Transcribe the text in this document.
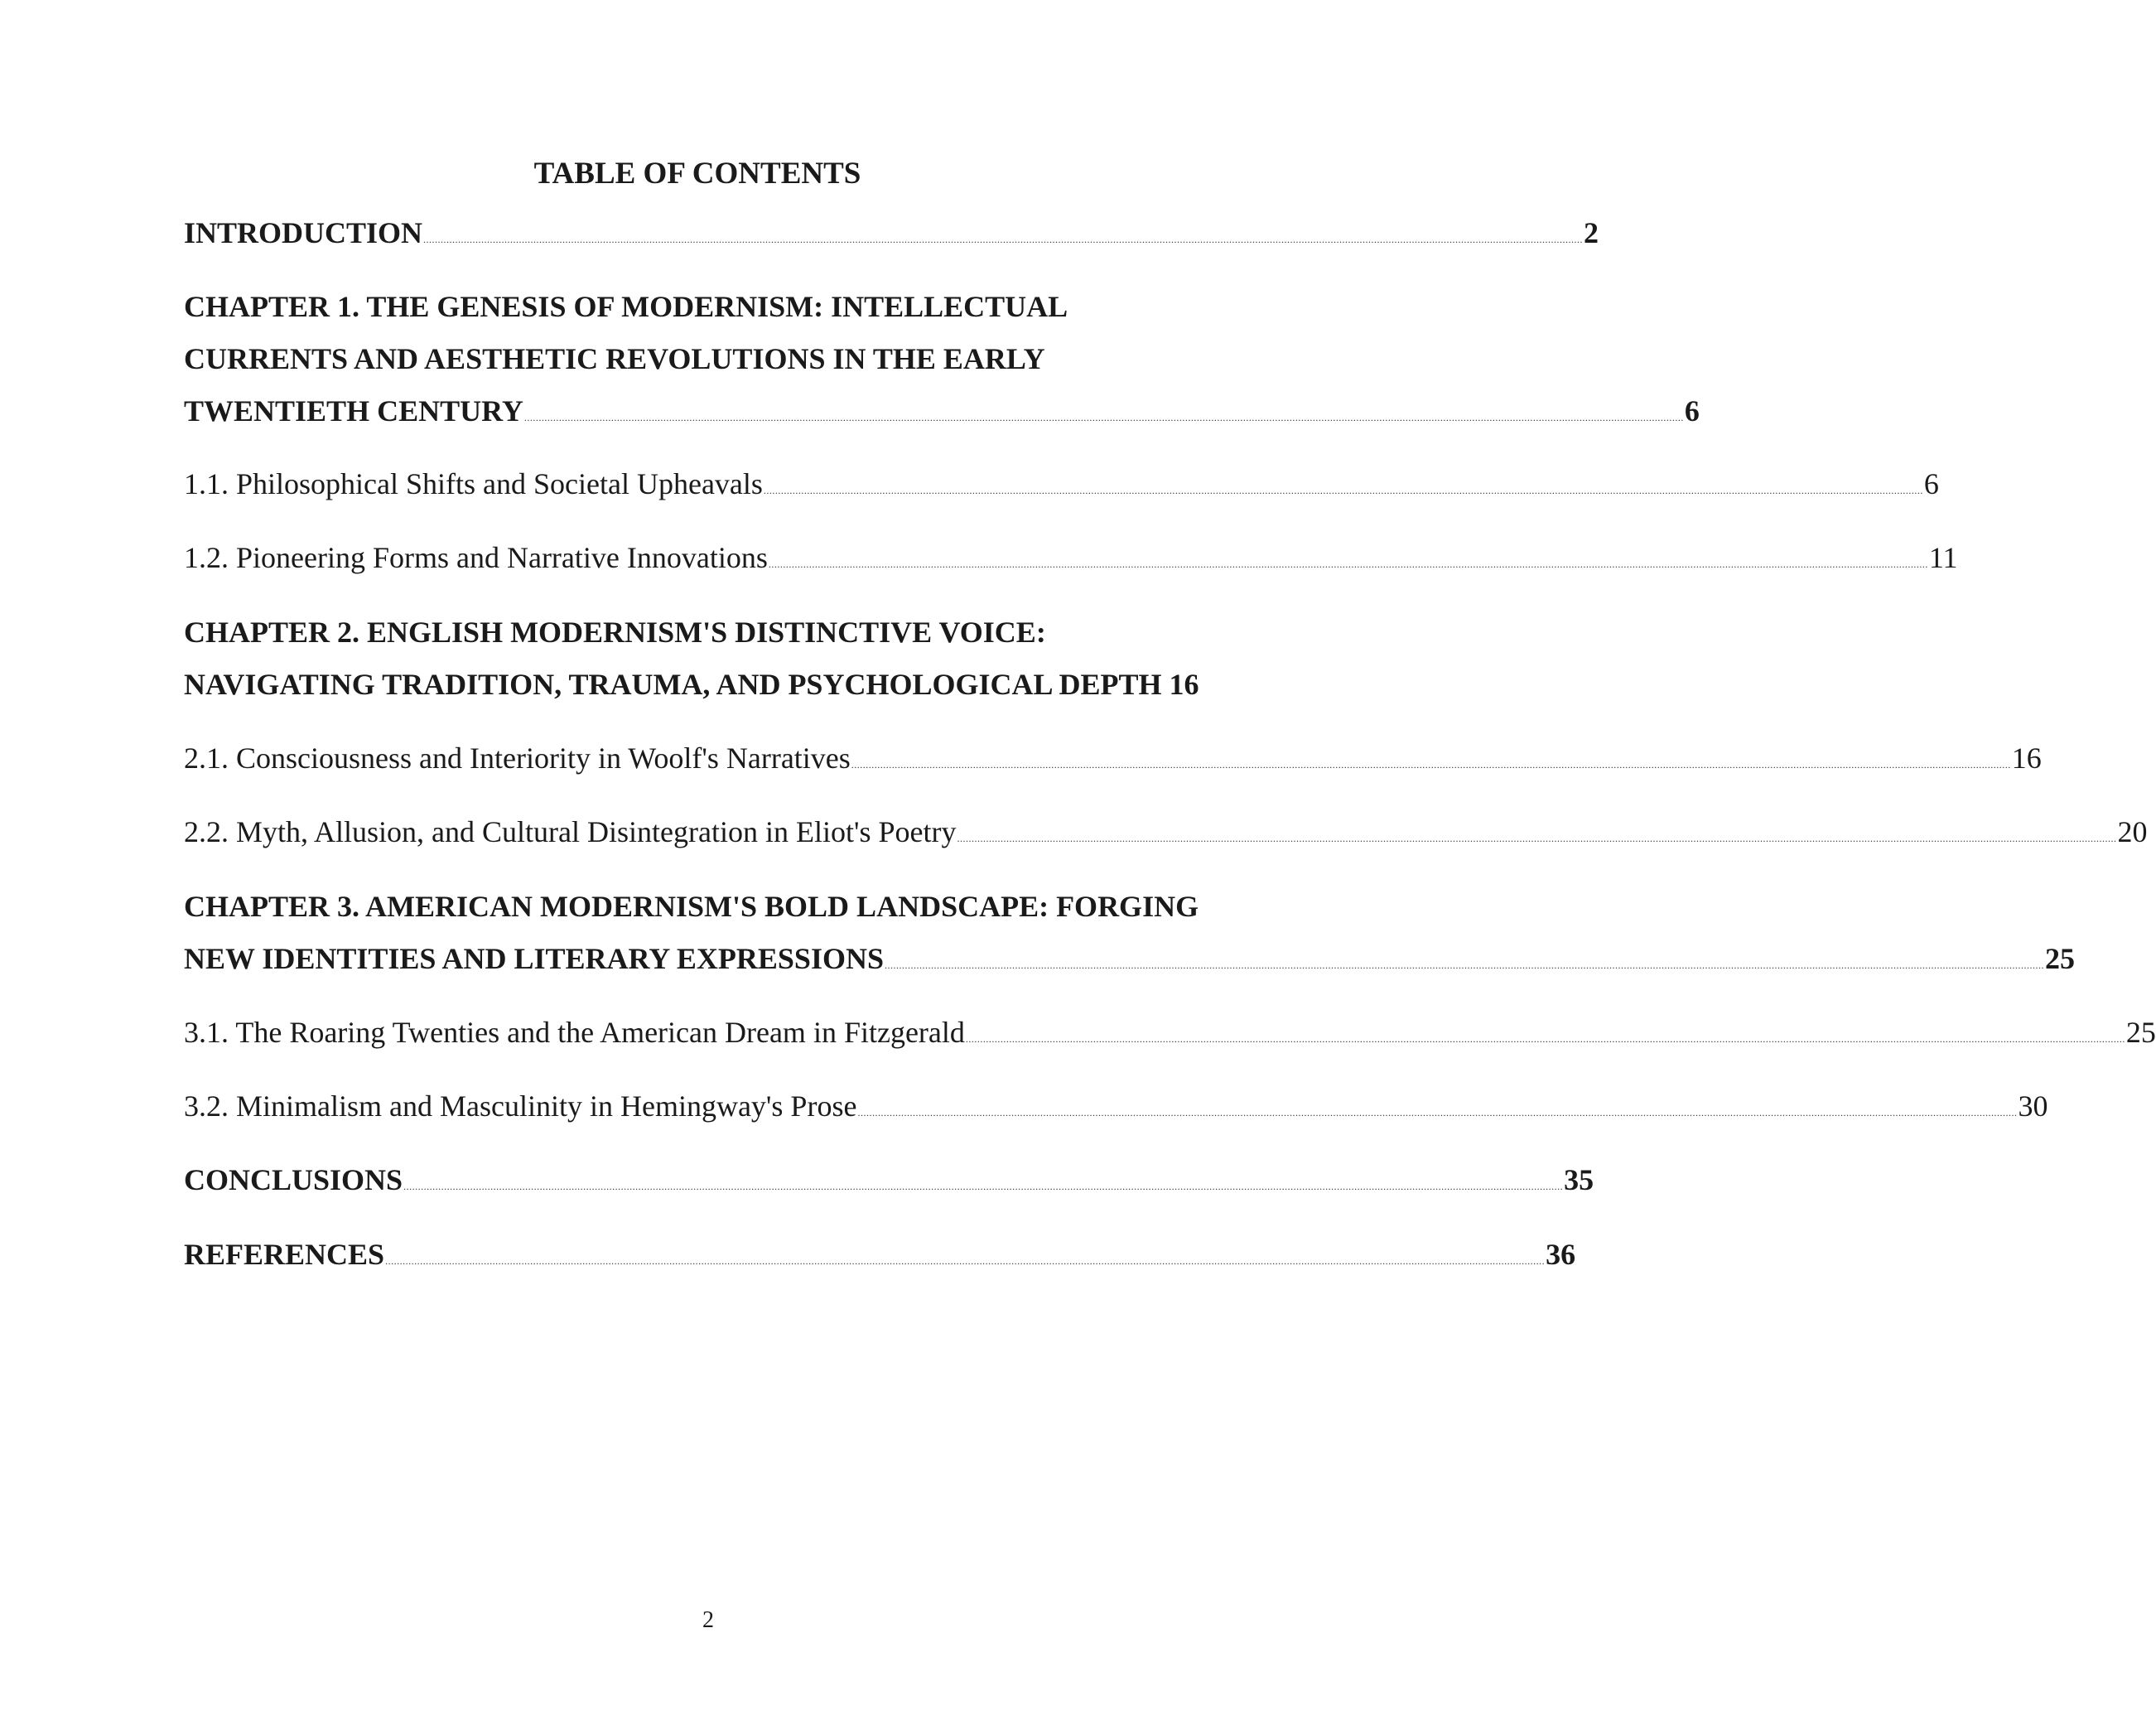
TABLE OF CONTENTS
INTRODUCTION ................................................................................................................................................................................................................................................................................................................................................................................................................ 2
CHAPTER 1. THE GENESIS OF MODERNISM: INTELLECTUAL
CURRENTS AND AESTHETIC REVOLUTIONS IN THE EARLY
TWENTIETH CENTURY ................................................................................................................................................................................................................................................................................................................................................................................................................ 6
1.1. Philosophical Shifts and Societal Upheavals ................................................................................................................................................................................................................................................................................................................................................................................................................ 6
1.2. Pioneering Forms and Narrative Innovations ................................................................................................................................................................................................................................................................................................................................................................................................................ 11
CHAPTER 2. ENGLISH MODERNISM'S DISTINCTIVE VOICE:
NAVIGATING TRADITION, TRAUMA, AND PSYCHOLOGICAL DEPTH 16
2.1. Consciousness and Interiority in Woolf's Narratives ................................................................................................................................................................................................................................................................................................................................................................................................................ 16
2.2. Myth, Allusion, and Cultural Disintegration in Eliot's Poetry ................................................................................................................................................................................................................................................................................................................................................................................................................ 20
CHAPTER 3. AMERICAN MODERNISM'S BOLD LANDSCAPE: FORGING
NEW IDENTITIES AND LITERARY EXPRESSIONS ................................................................................................................................................................................................................................................................................................................................................................................................................ 25
3.1. The Roaring Twenties and the American Dream in Fitzgerald ................................................................................................................................................................................................................................................................................................................................................................................................................ 25
3.2. Minimalism and Masculinity in Hemingway's Prose ................................................................................................................................................................................................................................................................................................................................................................................................................ 30
CONCLUSIONS ................................................................................................................................................................................................................................................................................................................................................................................................................ 35
REFERENCES ................................................................................................................................................................................................................................................................................................................................................................................................................ 36
2
